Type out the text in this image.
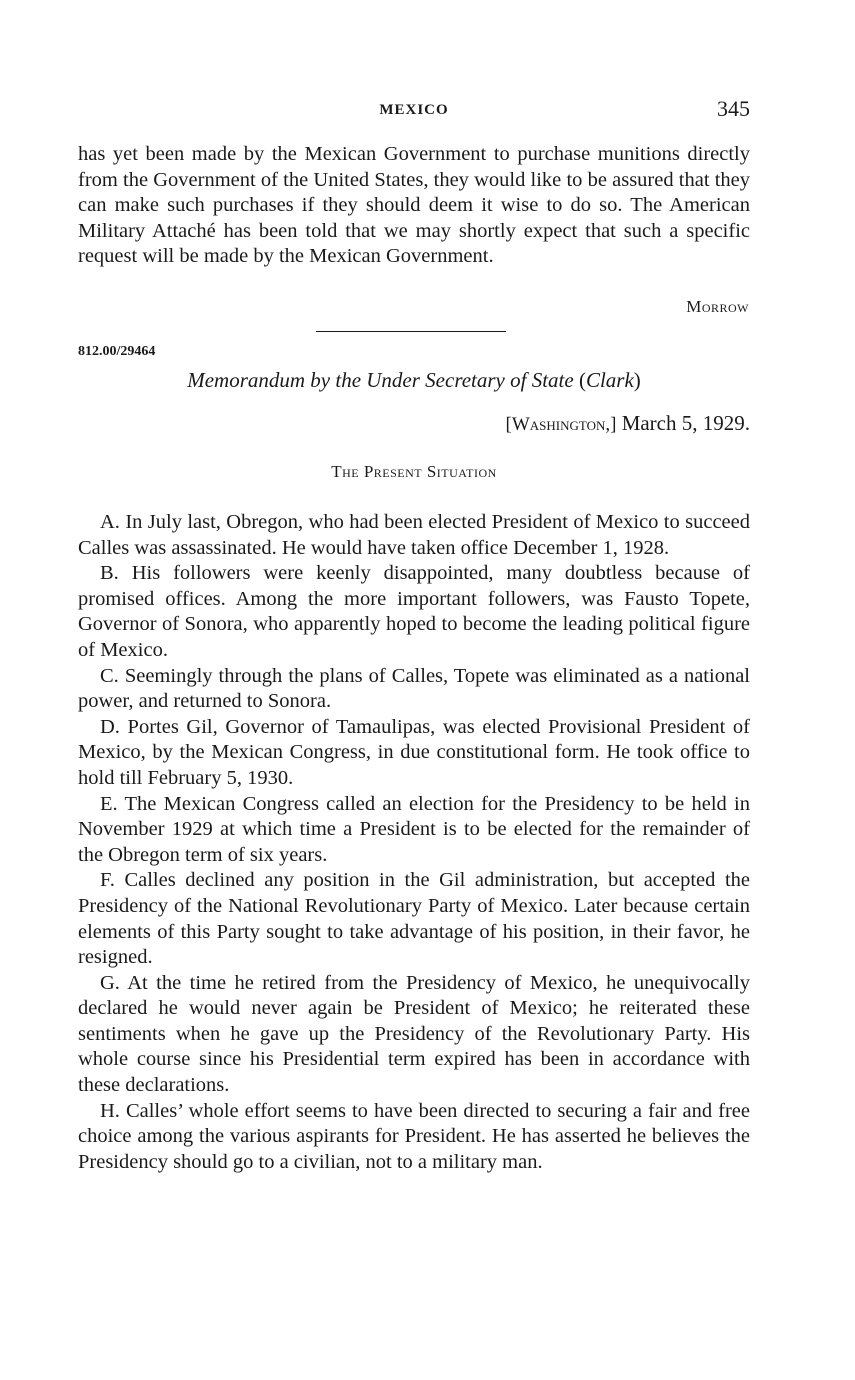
MEXICO	345

has yet been made by the Mexican Government to purchase munitions directly from the Government of the United States, they would like to be assured that they can make such purchases if they should deem it wise to do so. The American Military Attaché has been told that we may shortly expect that such a specific request will be made by the Mexican Government.

Morrow
812.00/29464
Memorandum by the Under Secretary of State (Clark)
[Washington,] March 5, 1929.
The Present Situation

A. In July last, Obregon, who had been elected President of Mexico to succeed Calles was assassinated. He would have taken office December 1, 1928.

B. His followers were keenly disappointed, many doubtless because of promised offices. Among the more important followers, was Fausto Topete, Governor of Sonora, who apparently hoped to become the leading political figure of Mexico.

C. Seemingly through the plans of Calles, Topete was eliminated as a national power, and returned to Sonora.

D. Portes Gil, Governor of Tamaulipas, was elected Provisional President of Mexico, by the Mexican Congress, in due constitutional form. He took office to hold till February 5, 1930.

E. The Mexican Congress called an election for the Presidency to be held in November 1929 at which time a President is to be elected for the remainder of the Obregon term of six years.

F. Calles declined any position in the Gil administration, but accepted the Presidency of the National Revolutionary Party of Mexico. Later because certain elements of this Party sought to take advantage of his position, in their favor, he resigned.

G. At the time he retired from the Presidency of Mexico, he unequivocally declared he would never again be President of Mexico; he reiterated these sentiments when he gave up the Presidency of the Revolutionary Party. His whole course since his Presidential term expired has been in accordance with these declarations.

H. Calles’ whole effort seems to have been directed to securing a fair and free choice among the various aspirants for President. He has asserted he believes the Presidency should go to a civilian, not to a military man.
